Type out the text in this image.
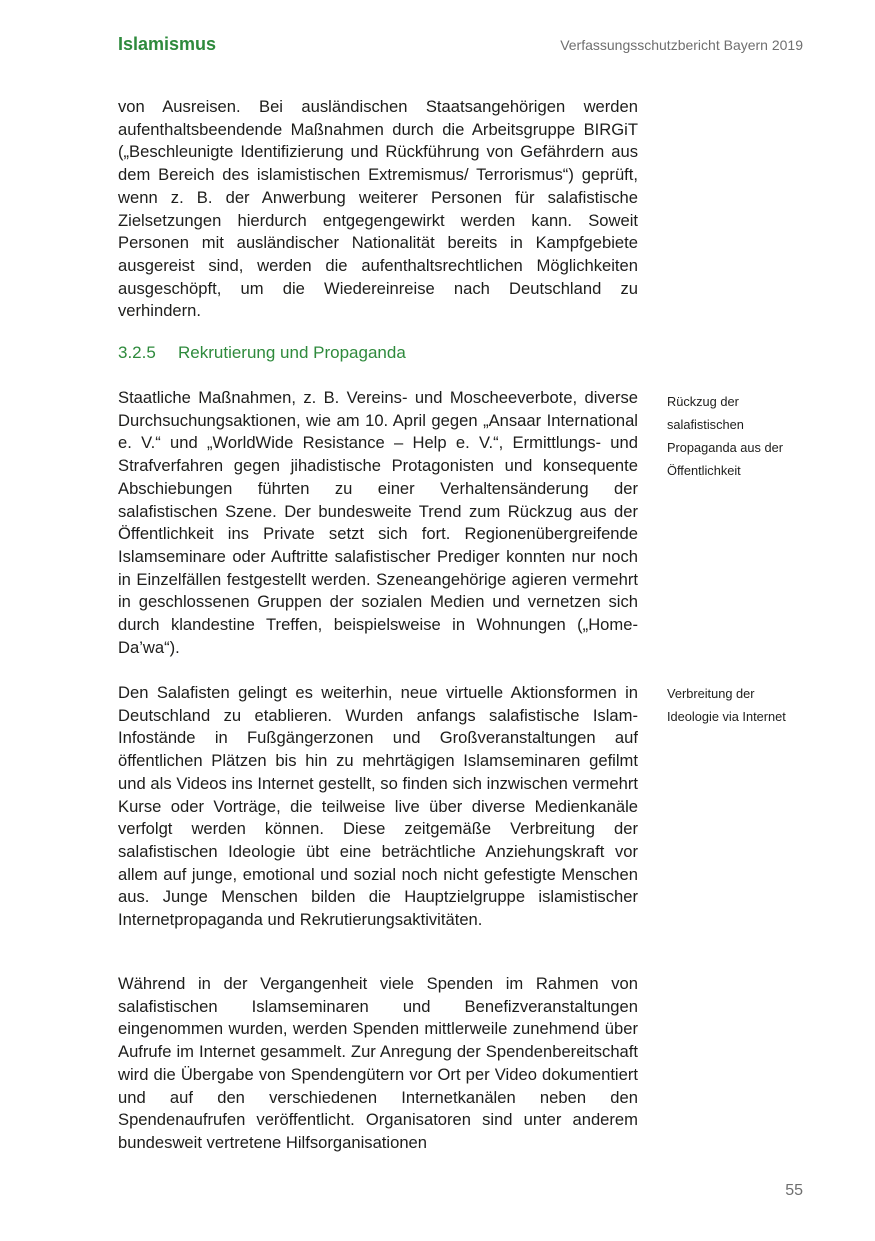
Islamismus	Verfassungsschutzbericht Bayern 2019

von Ausreisen. Bei ausländischen Staatsangehörigen werden aufenthaltsbeendende Maßnahmen durch die Arbeitsgruppe BIRGiT („Beschleunigte Identifizierung und Rückführung von Gefährdern aus dem Bereich des islamistischen Extremismus/ Terrorismus“) geprüft, wenn z. B. der Anwerbung weiterer Personen für salafistische Zielsetzungen hierdurch entgegengewirkt werden kann. Soweit Personen mit ausländischer Nationalität bereits in Kampfgebiete ausgereist sind, werden die aufenthaltsrechtlichen Möglichkeiten ausgeschöpft, um die Wiedereinreise nach Deutschland zu verhindern.

3.2.5 Rekrutierung und Propaganda

Staatliche Maßnahmen, z. B. Vereins- und Moscheeverbote, diverse Durchsuchungsaktionen, wie am 10. April gegen „Ansaar International e. V.“ und „WorldWide Resistance – Help e. V.“, Ermittlungs- und Strafverfahren gegen jihadistische Protagonisten und konsequente Abschiebungen führten zu einer Verhaltensänderung der salafistischen Szene. Der bundesweite Trend zum Rückzug aus der Öffentlichkeit ins Private setzt sich fort. Regionenübergreifende Islamseminare oder Auftritte salafistischer Prediger konnten nur noch in Einzelfällen festgestellt werden. Szeneangehörige agieren vermehrt in geschlossenen Gruppen der sozialen Medien und vernetzen sich durch klandestine Treffen, beispielsweise in Wohnungen („Home-Da’wa“).

Den Salafisten gelingt es weiterhin, neue virtuelle Aktionsformen in Deutschland zu etablieren. Wurden anfangs salafistische Islam-Infostände in Fußgängerzonen und Großveranstaltungen auf öffentlichen Plätzen bis hin zu mehrtägigen Islamseminaren gefilmt und als Videos ins Internet gestellt, so finden sich inzwischen vermehrt Kurse oder Vorträge, die teilweise live über diverse Medienkanäle verfolgt werden können. Diese zeitgemäße Verbreitung der salafistischen Ideologie übt eine beträchtliche Anziehungskraft vor allem auf junge, emotional und sozial noch nicht gefestigte Menschen aus. Junge Menschen bilden die Hauptzielgruppe islamistischer Internetpropaganda und Rekrutierungsaktivitäten.

Während in der Vergangenheit viele Spenden im Rahmen von salafistischen Islamseminaren und Benefizveranstaltungen eingenommen wurden, werden Spenden mittlerweile zunehmend über Aufrufe im Internet gesammelt. Zur Anregung der Spendenbereitschaft wird die Übergabe von Spendengütern vor Ort per Video dokumentiert und auf den verschiedenen Internetkanälen neben den Spendenaufrufen veröffentlicht. Organisatoren sind unter anderem bundesweit vertretene Hilfsorganisationen

Rückzug der salafistischen Propaganda aus der Öffentlichkeit
Verbreitung der Ideologie via Internet
55
